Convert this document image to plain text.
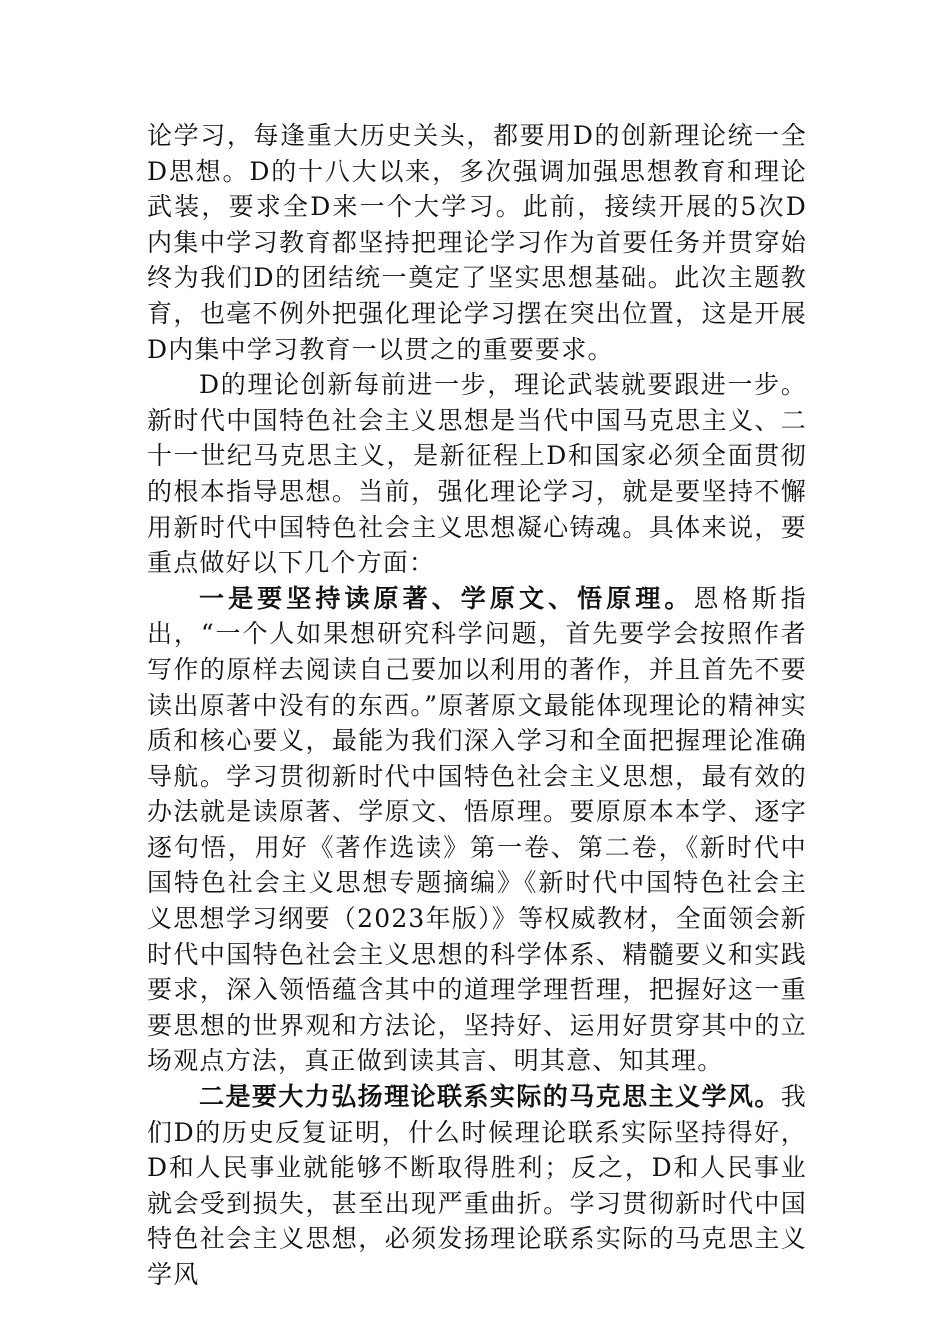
论学习，每逢重大历史关头，都要用D的创新理论统一全D思想。D的十八大以来，多次强调加强思想教育和理论武装，要求全D来一个大学习。此前，接续开展的5次D内集中学习教育都坚持把理论学习作为首要任务并贯穿始终为我们D的团结统一奠定了坚实思想基础。此次主题教育，也毫不例外把强化理论学习摆在突出位置，这是开展D内集中学习教育一以贯之的重要要求。

D的理论创新每前进一步，理论武装就要跟进一步。新时代中国特色社会主义思想是当代中国马克思主义、二十一世纪马克思主义，是新征程上D和国家必须全面贯彻的根本指导思想。当前，强化理论学习，就是要坚持不懈用新时代中国特色社会主义思想凝心铸魂。具体来说，要重点做好以下几个方面：

一是要坚持读原著、学原文、悟原理。恩格斯指出，“一个人如果想研究科学问题，首先要学会按照作者写作的原样去阅读自己要加以利用的著作，并且首先不要读出原著中没有的东西。”原著原文最能体现理论的精神实质和核心要义，最能为我们深入学习和全面把握理论准确导航。学习贯彻新时代中国特色社会主义思想，最有效的办法就是读原著、学原文、悟原理。要原原本本学、逐字逐句悟，用好《著作选读》第一卷、第二卷，《新时代中国特色社会主义思想专题摘编》《新时代中国特色社会主义思想学习纲要（2023年版）》等权威教材，全面领会新时代中国特色社会主义思想的科学体系、精髓要义和实践要求，深入领悟蕴含其中的道理学理哲理，把握好这一重要思想的世界观和方法论，坚持好、运用好贯穿其中的立场观点方法，真正做到读其言、明其意、知其理。

二是要大力弘扬理论联系实际的马克思主义学风。我们D的历史反复证明，什么时候理论联系实际坚持得好，D和人民事业就能够不断取得胜利；反之，D和人民事业就会受到损失，甚至出现严重曲折。学习贯彻新时代中国特色社会主义思想，必须发扬理论联系实际的马克思主义学风
